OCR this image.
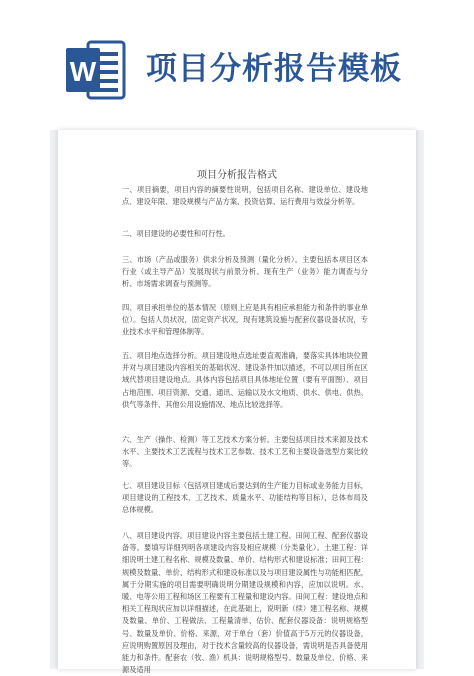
W 项目分析报告模板
项目分析报告格式
一、项目摘要，项目内容的摘要性说明，包括项目名称、建设单位、建设地点、建设年限、建设规模与产品方案、投资估算、运行费用与效益分析等。
二、项目建设的必要性和可行性。
三、市场（产品或服务）供求分析及预测（量化分析）。主要包括本项目区本行业（或主导产品）发展现状与前景分析、现有生产（业务）能力调查与分析、市场需求调查与预测等。
四、项目承担单位的基本情况（原则上应是具有相应承担能力和条件的事业单位）。包括人员状况，固定资产状况，现有建筑设施与配套仪器设备状况，专业技术水平和管理体制等。
五、项目地点选择分析。项目建设地点选址要直观准确，要落实具体地块位置并对与项目建设内容相关的基础状况、建设条件加以描述，不可以项目所在区域代替项目建设地点。具体内容包括项目具体地址位置（要有平面图）、项目占地范围、项目资源、交通、通讯、运输以及水文地质、供水、供电、供热、供气等条件、其他公用设施情况、地点比较选择等。
六、生产（操作、检测）等工艺技术方案分析。主要包括项目技术来源及技术水平、主要技术工艺流程与技术工艺参数、技术工艺和主要设备选型方案比较等。
七、项目建设目标（包括项目建成后要达到的生产能力目标或业务能力目标，项目建设的工程技术、工艺技术、质量水平、功能结构等目标），总体布局及总体规模。
八、项目建设内容。项目建设内容主要包括土建工程、田间工程、配套仪器设备等。要填写详细列明各项建设内容及相应规模（分类量化）。土建工程：详细说明土建工程名称、规模及数量、单价、结构形式和建设标准；田间工程：规模及数量、单价、结构形式和建设标准以及与项目建设属性与功能相匹配，属于分期实施的项目需要明确说明分期建设规模和内容，应加以说明。水、暖、电等公用工程和场区工程要有工程量和建设内容。田间工程：建设地点和相关工程现状应加以详细描述，在此基础上，说明新（续）建工程名称、规模及数量、单价、工程做法、工程量清单、估价、配套仪器设备：说明规格型号、数量及单价、价格、来源，对于单台（套）价值高于5万元的仪器设备，应说明购置原因及理由，对于技术含量较高的仪器设备，需说明是否具备使用能力和条件。配套农（牧、渔）机具：说明规格型号、数量及单位、价格、来源及适用
